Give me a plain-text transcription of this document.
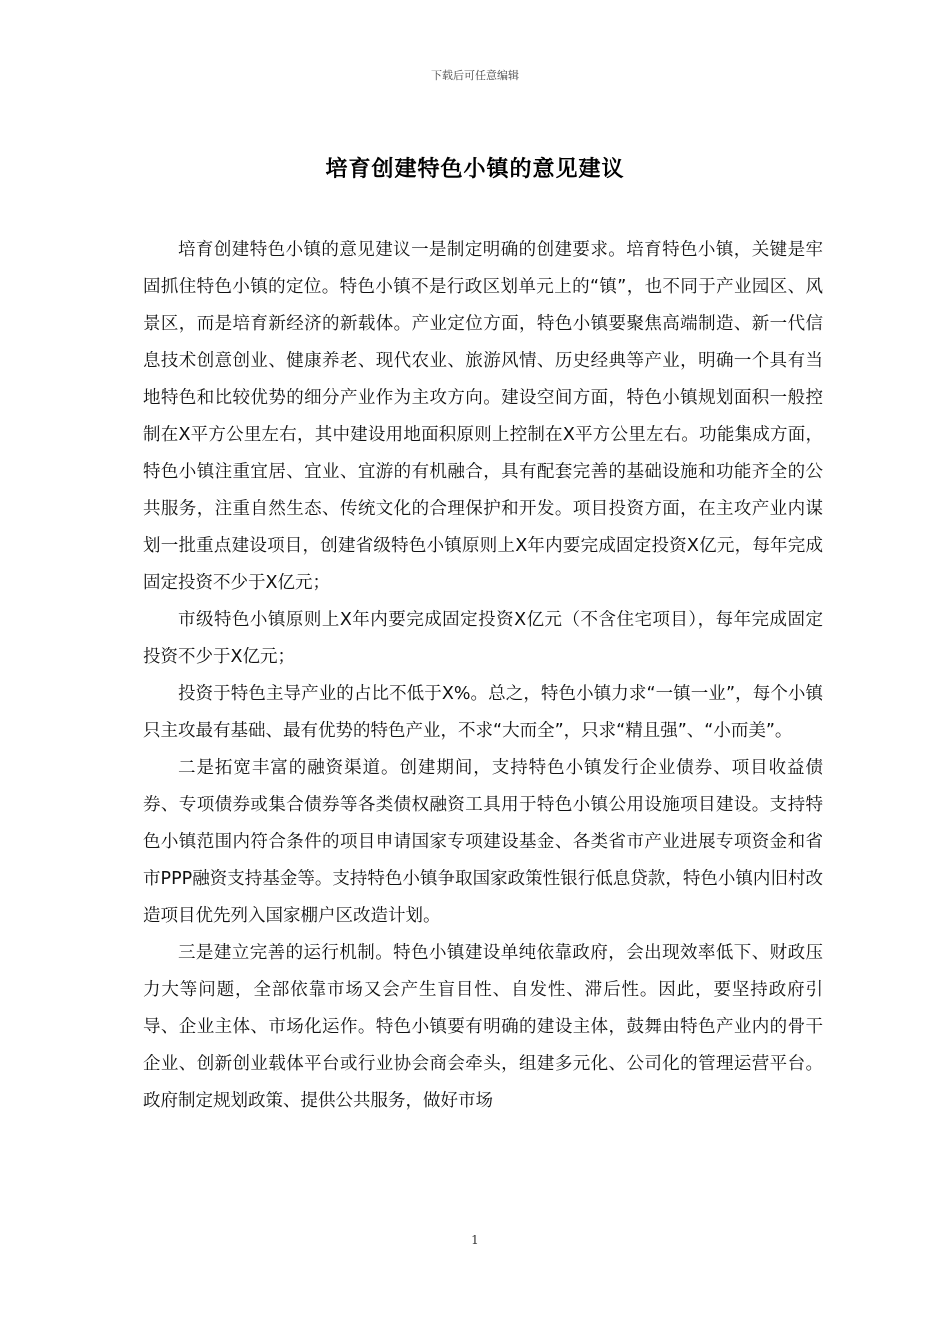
下载后可任意编辑
培育创建特色小镇的意见建议

培育创建特色小镇的意见建议一是制定明确的创建要求。培育特色小镇，关键是牢固抓住特色小镇的定位。特色小镇不是行政区划单元上的“镇”，也不同于产业园区、风景区，而是培育新经济的新载体。产业定位方面，特色小镇要聚焦高端制造、新一代信息技术创意创业、健康养老、现代农业、旅游风情、历史经典等产业，明确一个具有当地特色和比较优势的细分产业作为主攻方向。建设空间方面，特色小镇规划面积一般控制在X平方公里左右，其中建设用地面积原则上控制在X平方公里左右。功能集成方面，特色小镇注重宜居、宜业、宜游的有机融合，具有配套完善的基础设施和功能齐全的公共服务，注重自然生态、传统文化的合理保护和开发。项目投资方面，在主攻产业内谋划一批重点建设项目，创建省级特色小镇原则上X年内要完成固定投资X亿元，每年完成固定投资不少于X亿元；

市级特色小镇原则上X年内要完成固定投资X亿元（不含住宅项目），每年完成固定投资不少于X亿元；

投资于特色主导产业的占比不低于X%。总之，特色小镇力求“一镇一业”，每个小镇只主攻最有基础、最有优势的特色产业，不求“大而全”，只求“精且强”、“小而美”。

二是拓宽丰富的融资渠道。创建期间，支持特色小镇发行企业债券、项目收益债券、专项债券或集合债券等各类债权融资工具用于特色小镇公用设施项目建设。支持特色小镇范围内符合条件的项目申请国家专项建设基金、各类省市产业进展专项资金和省市PPP融资支持基金等。支持特色小镇争取国家政策性银行低息贷款，特色小镇内旧村改造项目优先列入国家棚户区改造计划。

三是建立完善的运行机制。特色小镇建设单纯依靠政府，会出现效率低下、财政压力大等问题，全部依靠市场又会产生盲目性、自发性、滞后性。因此，要坚持政府引导、企业主体、市场化运作。特色小镇要有明确的建设主体，鼓舞由特色产业内的骨干企业、创新创业载体平台或行业协会商会牵头，组建多元化、公司化的管理运营平台。政府制定规划政策、提供公共服务，做好市场

1
